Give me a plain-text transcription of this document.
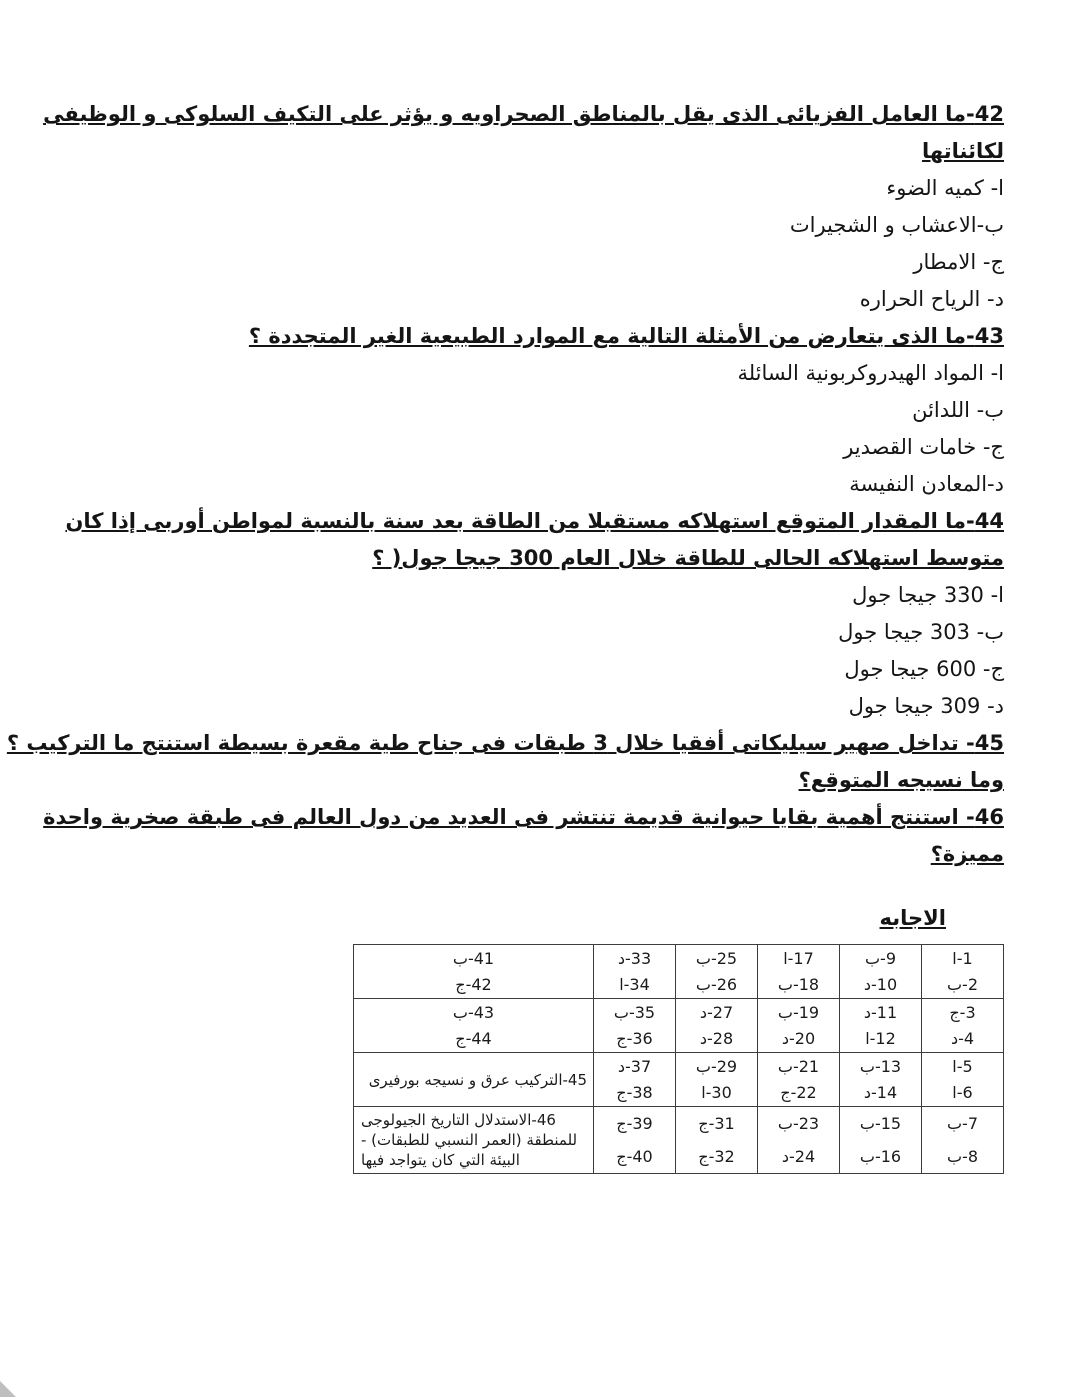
42-ما العامل الفزيائى الذى يقل بالمناطق الصحراويه و يؤثر على التكيف السلوكى و الوظيفى
لكائناتها
ا- كميه الضوء
ب-الاعشاب و الشجيرات
ج- الامطار
د- الرياح الحراره
43-ما الذى يتعارض من الأمثلة التالية مع الموارد الطبيعية الغير المتجددة ؟
ا- المواد الهيدروكربونية السائلة
ب- اللدائن
ج- خامات القصدير
د-المعادن النفيسة
44-ما المقدار المتوقع استهلاكه مستقبلا من الطاقة بعد سنة بالنسبة لمواطن أوربى إذا كان
متوسط استهلاكه الحالى للطاقة خلال العام 300 جيجا جول( ؟
ا- 330 جيجا جول
ب- 303 جيجا جول
ج- 600 جيجا جول
د- 309 جيجا جول
45- تداخل صهير سيليكاتى أفقيا خلال 3 طبقات فى جناح طية مقعرة بسيطة استنتج ما التركيب ؟
وما نسيجه المتوقع؟
46- استنتج أهمية بقايا حيوانية قديمة تنتشر فى العديد من دول العالم فى طبقة صخرية واحدة
مميزة؟
الاجابه
1-ا	9-ب	17-ا	25-ب	33-د	41-ب
2-ب	10-د	18-ب	26-ب	34-ا	42-ج
3-ج	11-د	19-ب	27-د	35-ب	43-ب
4-د	12-ا	20-د	28-د	36-ج	44-ج
5-ا	13-ب	21-ب	29-ب	37-د	45-التركيب عرق و نسيجه بورفيرى
6-ا	14-د	22-ج	30-ا	38-ج	
7-ب	15-ب	23-ب	31-ج	39-ج	46-الاستدلال التاريخ الجيولوجى للمنطقة (العمر النسبي للطبقات) - البيئة التي كان يتواجد فيها
8-ب	16-ب	24-د	32-ج	40-ج	
